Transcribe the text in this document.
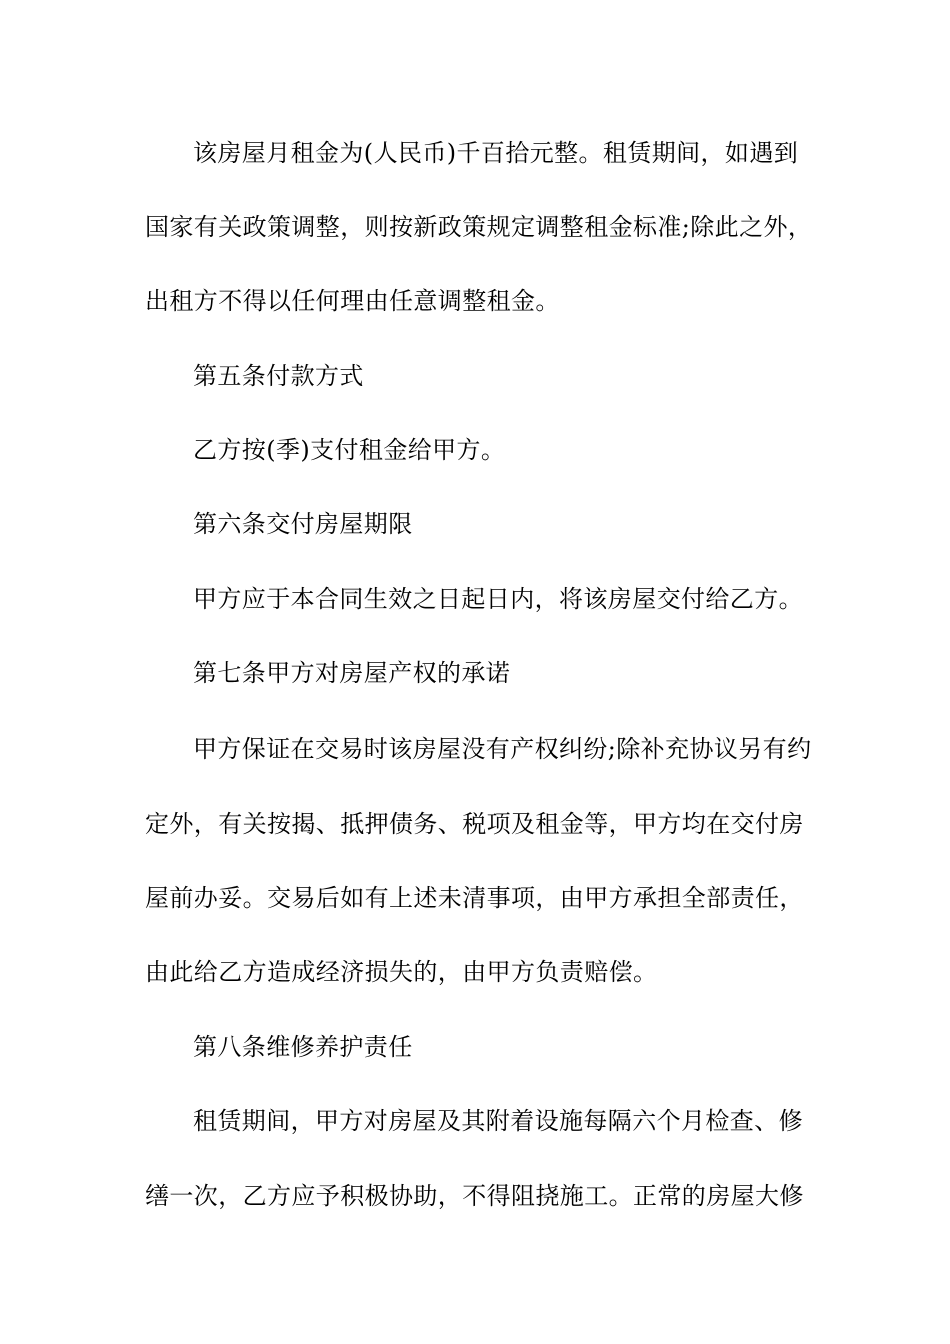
该房屋月租金为(人民币)千百拾元整。租赁期间，如遇到
国家有关政策调整，则按新政策规定调整租金标准;除此之外，
出租方不得以任何理由任意调整租金。
第五条付款方式
乙方按(季)支付租金给甲方。
第六条交付房屋期限
甲方应于本合同生效之日起日内，将该房屋交付给乙方。
第七条甲方对房屋产权的承诺
甲方保证在交易时该房屋没有产权纠纷;除补充协议另有约
定外，有关按揭、抵押债务、税项及租金等，甲方均在交付房
屋前办妥。交易后如有上述未清事项，由甲方承担全部责任，
由此给乙方造成经济损失的，由甲方负责赔偿。
第八条维修养护责任
租赁期间，甲方对房屋及其附着设施每隔六个月检查、修
缮一次，乙方应予积极协助，不得阻挠施工。正常的房屋大修
